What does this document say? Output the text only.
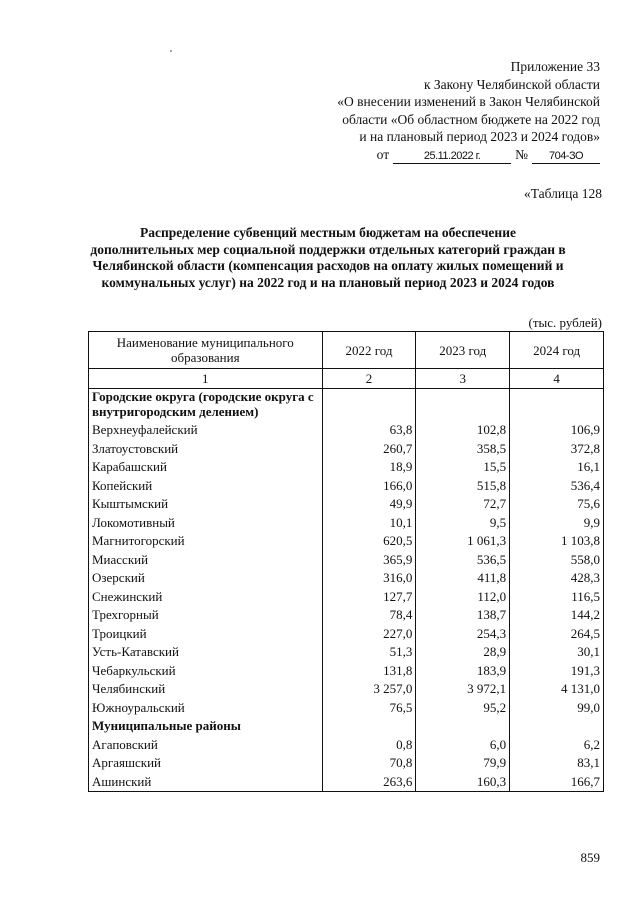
Приложение 33
к Закону Челябинской области
«О внесении изменений в Закон Челябинской
области «Об областном бюджете на 2022 год
и на плановый период 2023 и 2024 годов»
от	25.11.2022 г.	№	704-ЗО
«Таблица 128
Распределение субвенций местным бюджетам на обеспечение дополнительных мер социальной поддержки отдельных категорий граждан в Челябинской области (компенсация расходов на оплату жилых помещений и коммунальных услуг) на 2022 год и на плановый период 2023 и 2024 годов
(тыс. рублей)
Наименование муниципального образования	2022 год	2023 год	2024 год
1	2	3	4
Городские округа (городские округа с внутригородским делением)			
Верхнеуфалейский	63,8	102,8	106,9
Златоустовский	260,7	358,5	372,8
Карабашский	18,9	15,5	16,1
Копейский	166,0	515,8	536,4
Кыштымский	49,9	72,7	75,6
Локомотивный	10,1	9,5	9,9
Магнитогорский	620,5	1 061,3	1 103,8
Миасский	365,9	536,5	558,0
Озерский	316,0	411,8	428,3
Снежинский	127,7	112,0	116,5
Трехгорный	78,4	138,7	144,2
Троицкий	227,0	254,3	264,5
Усть-Катавский	51,3	28,9	30,1
Чебаркульский	131,8	183,9	191,3
Челябинский	3 257,0	3 972,1	4 131,0
Южноуральский	76,5	95,2	99,0
Муниципальные районы			
Агаповский	0,8	6,0	6,2
Аргаяшский	70,8	79,9	83,1
Ашинский	263,6	160,3	166,7
859
